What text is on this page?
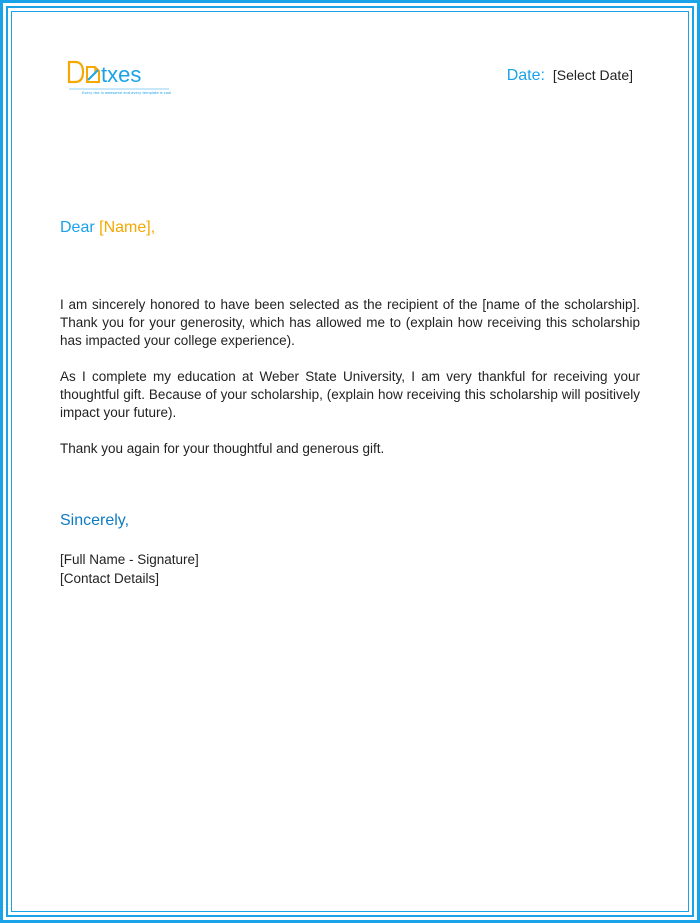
txes
Every doc is awesome and every template is cool
Date: [Select Date]
Dear [Name],

I am sincerely honored to have been selected as the recipient of the [name of the scholarship]. Thank you for your generosity, which has allowed me to (explain how receiving this scholarship has impacted your college experience).

As I complete my education at Weber State University, I am very thankful for receiving your thoughtful gift. Because of your scholarship, (explain how receiving this scholarship will positively impact your future).

Thank you again for your thoughtful and generous gift.

Sincerely,
[Full Name - Signature]
[Contact Details]
